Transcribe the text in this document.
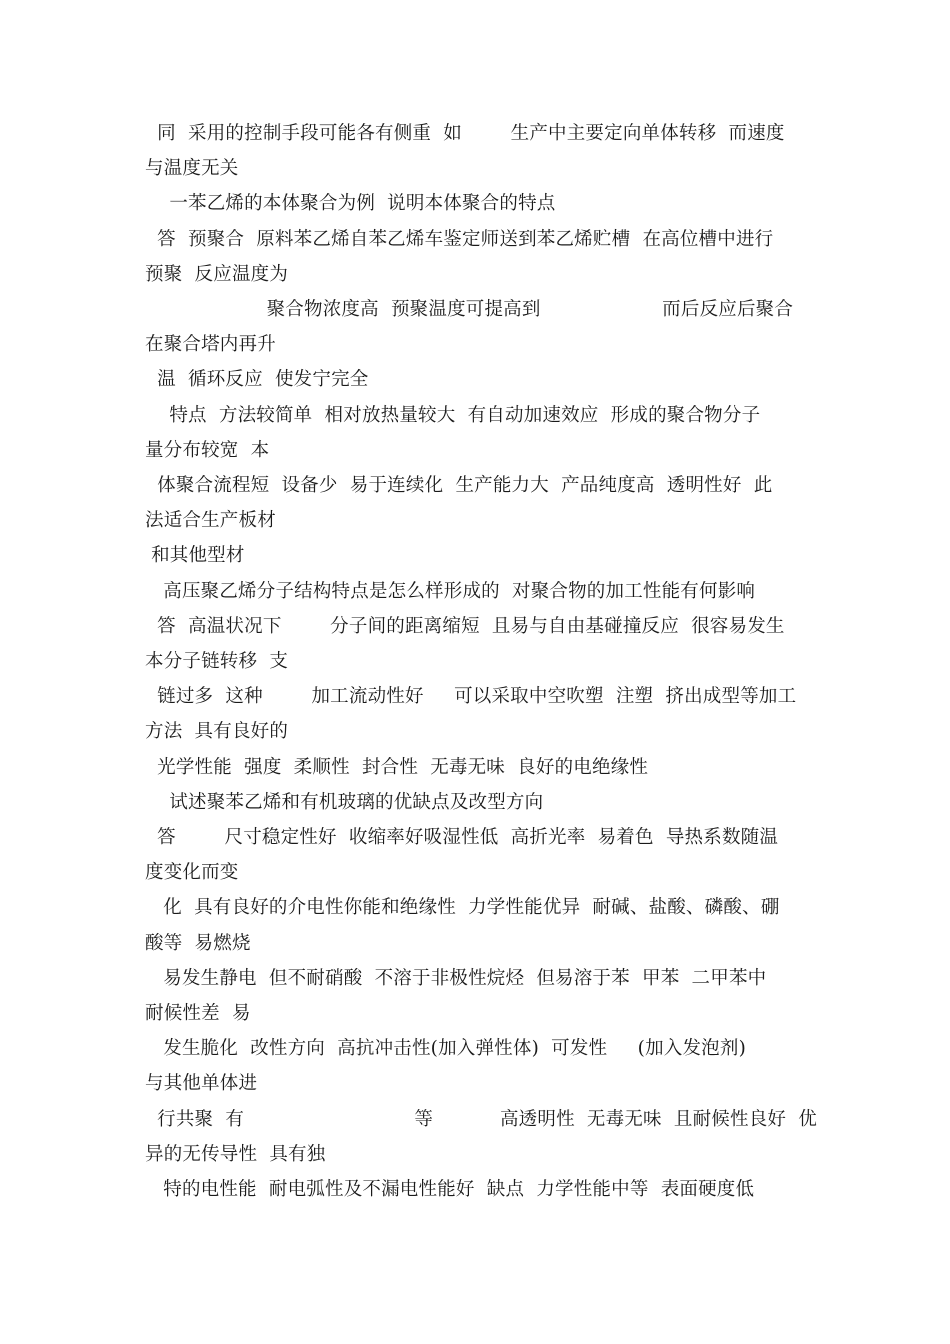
同  采用的控制手段可能各有侧重  如        生产中主要定向单体转移  而速度
与温度无关
一苯乙烯的本体聚合为例  说明本体聚合的特点
答  预聚合  原料苯乙烯自苯乙烯车鉴定师送到苯乙烯贮槽  在高位槽中进行
预聚  反应温度为
聚合物浓度高  预聚温度可提高到                    而后反应后聚合
在聚合塔内再升
温  循环反应  使发宁完全
特点  方法较简单  相对放热量较大  有自动加速效应  形成的聚合物分子
量分布较宽  本
体聚合流程短  设备少  易于连续化  生产能力大  产品纯度高  透明性好  此
法适合生产板材
和其他型材
高压聚乙烯分子结构特点是怎么样形成的  对聚合物的加工性能有何影响
答  高温状况下        分子间的距离缩短  且易与自由基碰撞反应  很容易发生
本分子链转移  支
链过多  这种        加工流动性好     可以采取中空吹塑  注塑  挤出成型等加工
方法  具有良好的
光学性能  强度  柔顺性  封合性  无毒无味  良好的电绝缘性
试述聚苯乙烯和有机玻璃的优缺点及改型方向
答        尺寸稳定性好  收缩率好吸湿性低  高折光率  易着色  导热系数随温
度变化而变
化  具有良好的介电性你能和绝缘性  力学性能优异  耐碱、盐酸、磷酸、硼
酸等  易燃烧
易发生静电  但不耐硝酸  不溶于非极性烷烃  但易溶于苯  甲苯  二甲苯中
耐候性差  易
发生脆化  改性方向  高抗冲击性(加入弹性体)  可发性     (加入发泡剂)
与其他单体进
行共聚  有                            等           高透明性  无毒无味  且耐候性良好  优
异的无传导性  具有独
特的电性能  耐电弧性及不漏电性能好  缺点  力学性能中等  表面硬度低
